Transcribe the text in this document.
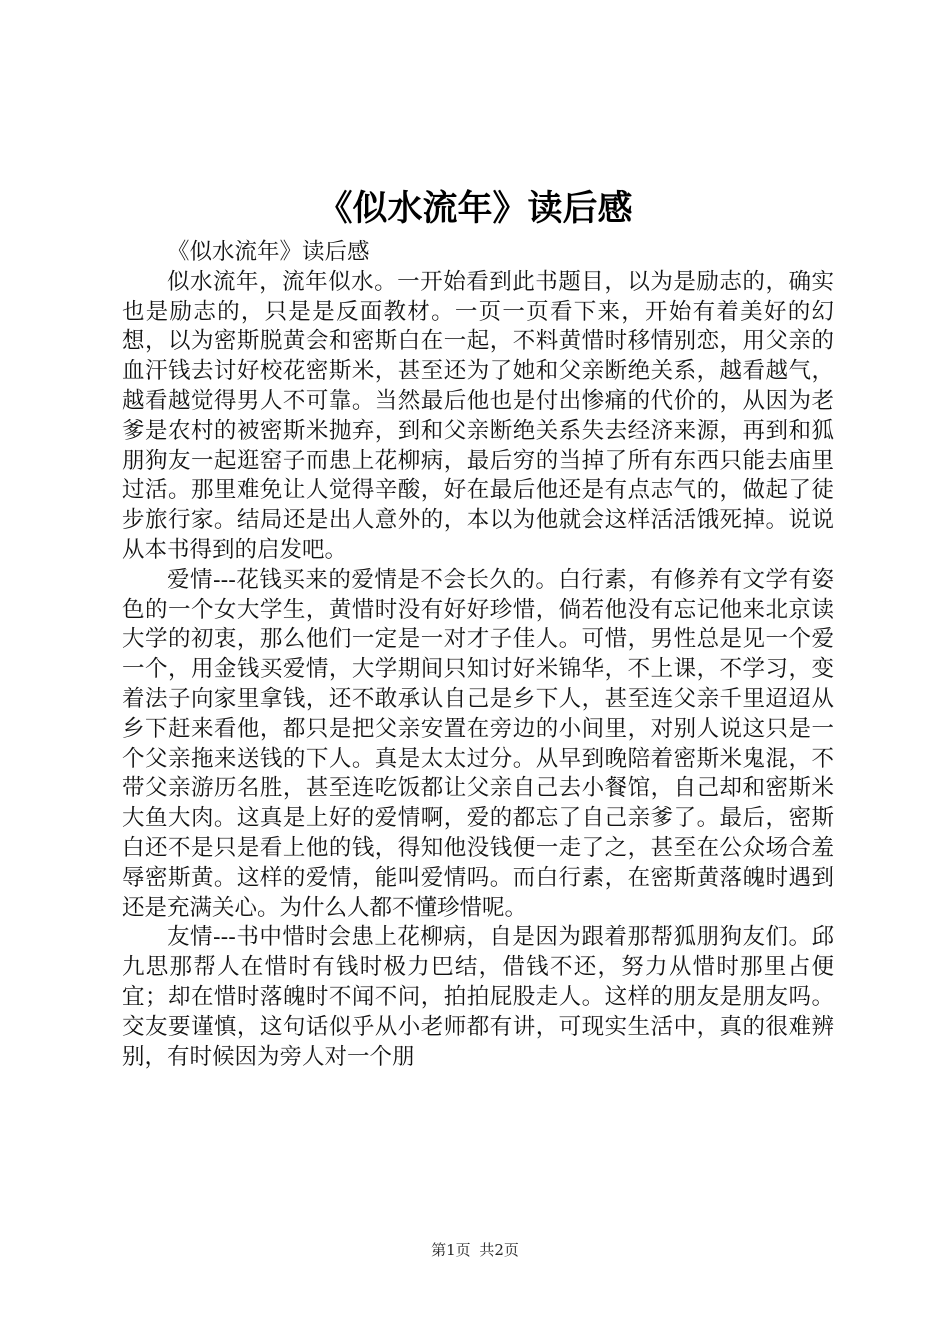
《似水流年》读后感

《似水流年》读后感

似水流年，流年似水。一开始看到此书题目，以为是励志的，确实也是励志的，只是是反面教材。一页一页看下来，开始有着美好的幻想，以为密斯脱黄会和密斯白在一起，不料黄惜时移情别恋，用父亲的血汗钱去讨好校花密斯米，甚至还为了她和父亲断绝关系，越看越气，越看越觉得男人不可靠。当然最后他也是付出惨痛的代价的，从因为老爹是农村的被密斯米抛弃，到和父亲断绝关系失去经济来源，再到和狐朋狗友一起逛窑子而患上花柳病，最后穷的当掉了所有东西只能去庙里过活。那里难免让人觉得辛酸，好在最后他还是有点志气的，做起了徒步旅行家。结局还是出人意外的，本以为他就会这样活活饿死掉。说说从本书得到的启发吧。

爱情---花钱买来的爱情是不会长久的。白行素，有修养有文学有姿色的一个女大学生，黄惜时没有好好珍惜，倘若他没有忘记他来北京读大学的初衷，那么他们一定是一对才子佳人。可惜，男性总是见一个爱一个，用金钱买爱情，大学期间只知讨好米锦华，不上课，不学习，变着法子向家里拿钱，还不敢承认自己是乡下人，甚至连父亲千里迢迢从乡下赶来看他，都只是把父亲安置在旁边的小间里，对别人说这只是一个父亲拖来送钱的下人。真是太太过分。从早到晚陪着密斯米鬼混，不带父亲游历名胜，甚至连吃饭都让父亲自己去小餐馆，自己却和密斯米大鱼大肉。这真是上好的爱情啊，爱的都忘了自己亲爹了。最后，密斯白还不是只是看上他的钱，得知他没钱便一走了之，甚至在公众场合羞辱密斯黄。这样的爱情，能叫爱情吗。而白行素，在密斯黄落魄时遇到还是充满关心。为什么人都不懂珍惜呢。

友情---书中惜时会患上花柳病，自是因为跟着那帮狐朋狗友们。邱九思那帮人在惜时有钱时极力巴结，借钱不还，努力从惜时那里占便宜；却在惜时落魄时不闻不问，拍拍屁股走人。这样的朋友是朋友吗。交友要谨慎，这句话似乎从小老师都有讲，可现实生活中，真的很难辨别，有时候因为旁人对一个朋

第1页 共2页
